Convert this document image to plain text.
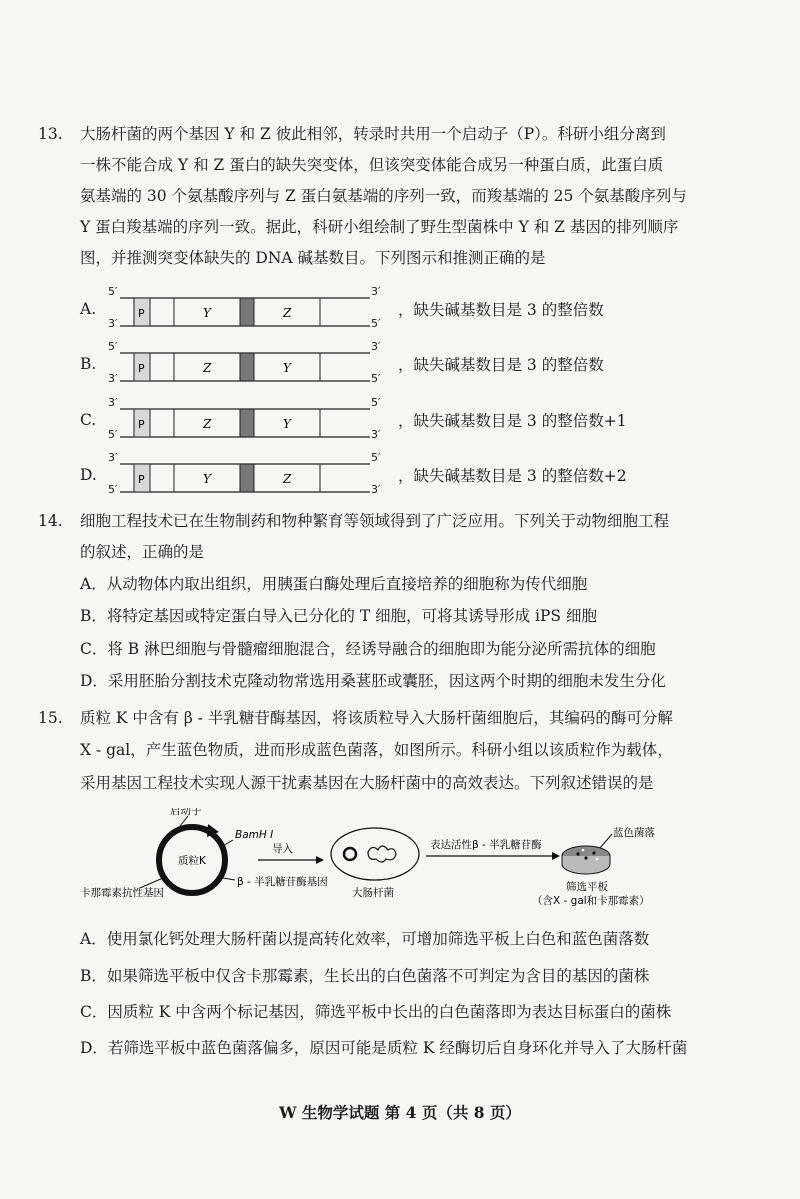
13. 大肠杆菌的两个基因 Y 和 Z 彼此相邻，转录时共用一个启动子（P）。科研小组分离到
一株不能合成 Y 和 Z 蛋白的缺失突变体，但该突变体能合成另一种蛋白质，此蛋白质
氨基端的 30 个氨基酸序列与 Z 蛋白氨基端的序列一致，而羧基端的 25 个氨基酸序列与
Y 蛋白羧基端的序列一致。据此，科研小组绘制了野生型菌株中 Y 和 Z 基因的排列顺序
图，并推测突变体缺失的 DNA 碱基数目。下列图示和推测正确的是
A.
5′
3′
3′
5′
P	Y	Z	，缺失碱基数目是 3 的整倍数
B.
5′
3′
3′
5′
P	Z	Y	，缺失碱基数目是 3 的整倍数
C.
3′
5′
5′
3′
P	Z	Y	，缺失碱基数目是 3 的整倍数+1
D.
3′
5′
5′
3′
P	Y	Z	，缺失碱基数目是 3 的整倍数+2
14. 细胞工程技术已在生物制药和物种繁育等领域得到了广泛应用。下列关于动物细胞工程
的叙述，正确的是
A．从动物体内取出组织，用胰蛋白酶处理后直接培养的细胞称为传代细胞
B．将特定基因或特定蛋白导入已分化的 T 细胞，可将其诱导形成 iPS 细胞
C．将 B 淋巴细胞与骨髓瘤细胞混合，经诱导融合的细胞即为能分泌所需抗体的细胞
D．采用胚胎分割技术克隆动物常选用桑葚胚或囊胚，因这两个时期的细胞未发生分化
15. 质粒 K 中含有 β - 半乳糖苷酶基因，将该质粒导入大肠杆菌细胞后，其编码的酶可分解
X - gal，产生蓝色物质，进而形成蓝色菌落，如图所示。科研小组以该质粒作为载体，
采用基因工程技术实现人源干扰素基因在大肠杆菌中的高效表达。下列叙述错误的是
启动子
BamH I
质粒K
卡那霉素抗性基因
β - 半乳糖苷酶基因
导入
大肠杆菌
表达活性β - 半乳糖苷酶
蓝色菌落
筛选平板
（含X - gal和卡那霉素）
A．使用氯化钙处理大肠杆菌以提高转化效率，可增加筛选平板上白色和蓝色菌落数
B．如果筛选平板中仅含卡那霉素，生长出的白色菌落不可判定为含目的基因的菌株
C．因质粒 K 中含两个标记基因，筛选平板中长出的白色菌落即为表达目标蛋白的菌株
D．若筛选平板中蓝色菌落偏多，原因可能是质粒 K 经酶切后自身环化并导入了大肠杆菌
W 生物学试题 第 4 页（共 8 页）
